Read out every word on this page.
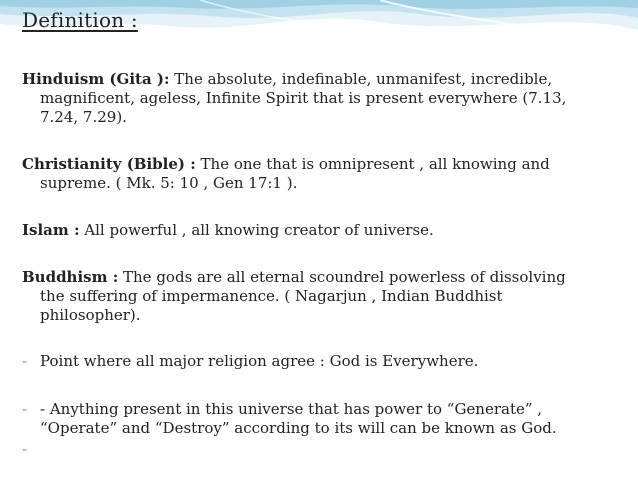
Definition :
Hinduism (Gita ): The absolute, indefinable, unmanifest, incredible,
magnificent, ageless, Infinite Spirit that is present everywhere (7.13,
7.24, 7.29).
Christianity (Bible) : The one that is omnipresent , all knowing and
supreme. ( Mk. 5: 10 , Gen 17:1 ).
Islam : All powerful , all knowing creator of universe.
Buddhism : The gods are all eternal scoundrel powerless of dissolving
the suffering of impermanence. ( Nagarjun , Indian Buddhist
philosopher).
- Point where all major religion agree : God is Everywhere.
- - Anything present in this universe that has power to “Generate” ,
“Operate” and “Destroy” according to its will can be known as God.
-
